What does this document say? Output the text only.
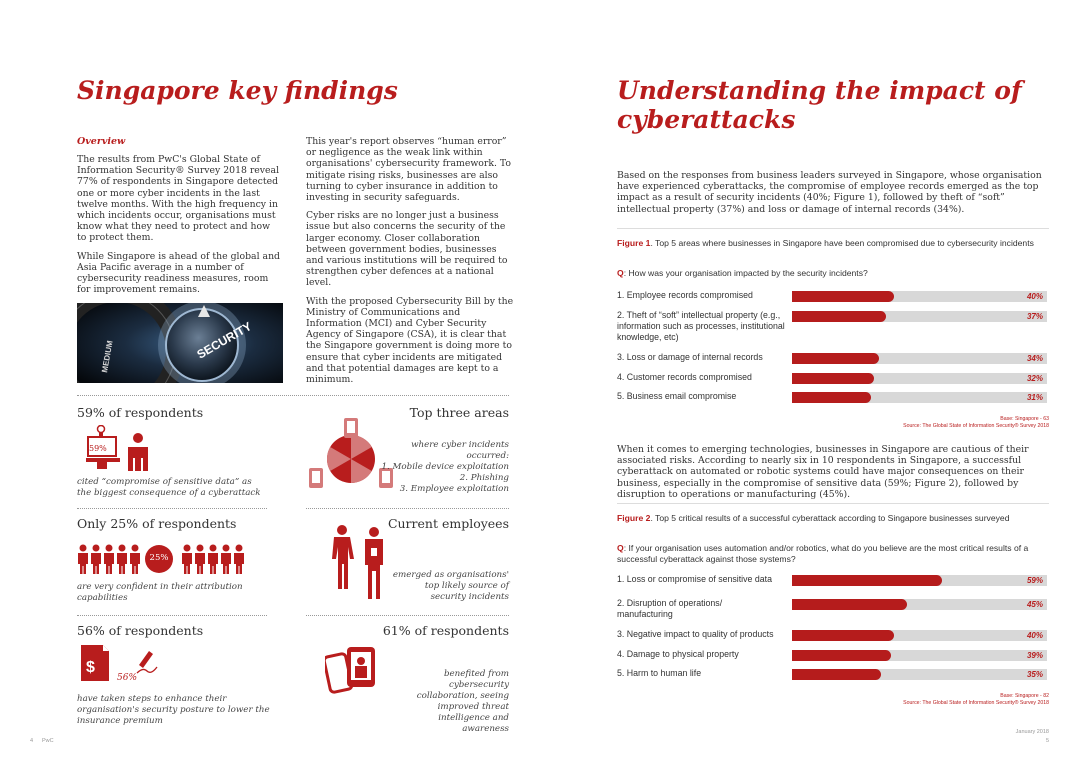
Singapore key findings
Overview

The results from PwC's Global State of Information Security® Survey 2018 reveal 77% of respondents in Singapore detected one or more cyber incidents in the last twelve months. With the high frequency in which incidents occur, organisations must know what they need to protect and how to protect them.

While Singapore is ahead of the global and Asia Pacific average in a number of cybersecurity readiness measures, room for improvement remains.

This year's report observes “human error” or negligence as the weak link within organisations' cybersecurity framework. To mitigate rising risks, businesses are also turning to cyber insurance in addition to investing in security safeguards.

Cyber risks are no longer just a business issue but also concerns the security of the larger economy. Closer collaboration between government bodies, businesses and various institutions will be required to strengthen cyber defences at a national level.

With the proposed Cybersecurity Bill by the Ministry of Communications and Information (MCI) and Cyber Security Agency of Singapore (CSA), it is clear that the Singapore government is doing more to ensure that cyber incidents are mitigated and that potential damages are kept to a minimum.

SECURITY
MEDIUM
59% of respondents
59%
cited “compromise of sensitive data” as the biggest consequence of a cyberattack
Top three areas
where cyber incidents occurred:
1. Mobile device exploitation
2. Phishing
3. Employee exploitation
Only 25% of respondents
25%
are very confident in their attribution capabilities
Current employees
emerged as organisations' top likely source of security incidents
56% of respondents
$
56%
have taken steps to enhance their organisation's security posture to lower the insurance premium
61% of respondents
benefited from cybersecurity collaboration, seeing improved threat intelligence and awareness
4 PwC
Understanding the impact of cyberattacks
Based on the responses from business leaders surveyed in Singapore, whose organisation have experienced cyberattacks, the compromise of employee records emerged as the top impact as a result of security incidents (40%; Figure 1), followed by theft of “soft” intellectual property (37%) and loss or damage of internal records (34%).
Figure 1. Top 5 areas where businesses in Singapore have been compromised due to cybersecurity incidents
Q: How was your organisation impacted by the security incidents?
1. Employee records compromised
2. Theft of “soft” intellectual property (e.g., information such as processes, institutional knowledge, etc)
3. Loss or damage of internal records
4. Customer records compromised
5. Business email compromise
40%
37%
34%
32%
31%
Base: Singapore - 63
Source: The Global State of Information Security® Survey 2018
When it comes to emerging technologies, businesses in Singapore are cautious of their associated risks. According to nearly six in 10 respondents in Singapore, a successful cyberattack on automated or robotic systems could have major consequences on their business, especially in the compromise of sensitive data (59%; Figure 2), followed by disruption to operations or manufacturing (45%).
Figure 2. Top 5 critical results of a successful cyberattack according to Singapore businesses surveyed
Q: If your organisation uses automation and/or robotics, what do you believe are the most critical results of a successful cyberattack against those systems?
1. Loss or compromise of sensitive data
2. Disruption of operations/ manufacturing
3. Negative impact to quality of products
4. Damage to physical property
5. Harm to human life
59%
45%
40%
39%
35%
Base: Singapore - 82
Source: The Global State of Information Security® Survey 2018
January 2018
5
